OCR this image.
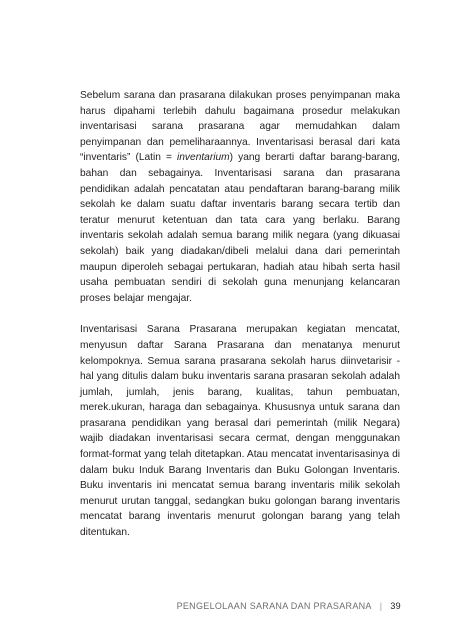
Sebelum sarana dan prasarana dilakukan proses penyimpanan maka harus dipahami terlebih dahulu bagaimana prosedur melakukan inventarisasi sarana prasarana agar memudahkan dalam penyimpanan dan pemeliharaannya. Inventarisasi berasal dari kata “inventaris” (Latin = inventarium) yang berarti daftar barang-barang, bahan dan sebagainya. Inventarisasi sarana dan prasarana pendidikan adalah pencatatan atau pendaftaran barang-barang milik sekolah ke dalam suatu daftar inventaris barang secara tertib dan teratur menurut ketentuan dan tata cara yang berlaku. Barang inventaris sekolah adalah semua barang milik negara (yang dikuasai sekolah) baik yang diadakan/dibeli melalui dana dari pemerintah maupun diperoleh sebagai pertukaran, hadiah atau hibah serta hasil usaha pembuatan sendiri di sekolah guna menunjang kelancaran proses belajar mengajar.

Inventarisasi Sarana Prasarana merupakan kegiatan mencatat, menyusun daftar Sarana Prasarana dan menatanya menurut kelompoknya. Semua sarana prasarana sekolah harus diinvetarisir - hal yang ditulis dalam buku inventaris sarana prasaran sekolah adalah jumlah, jumlah, jenis barang, kualitas, tahun pembuatan, merek.ukuran, haraga dan sebagainya. Khususnya untuk sarana dan prasarana pendidikan yang berasal dari pemerintah (milik Negara) wajib diadakan inventarisasi secara cermat, dengan menggunakan format-format yang telah ditetapkan. Atau mencatat inventarisasinya di dalam buku Induk Barang Inventaris dan Buku Golongan Inventaris. Buku inventaris ini mencatat semua barang inventaris milik sekolah menurut urutan tanggal, sedangkan buku golongan barang inventaris mencatat barang inventaris menurut golongan barang yang telah ditentukan.

PENGELOLAAN SARANA DAN PRASARANA | 39
